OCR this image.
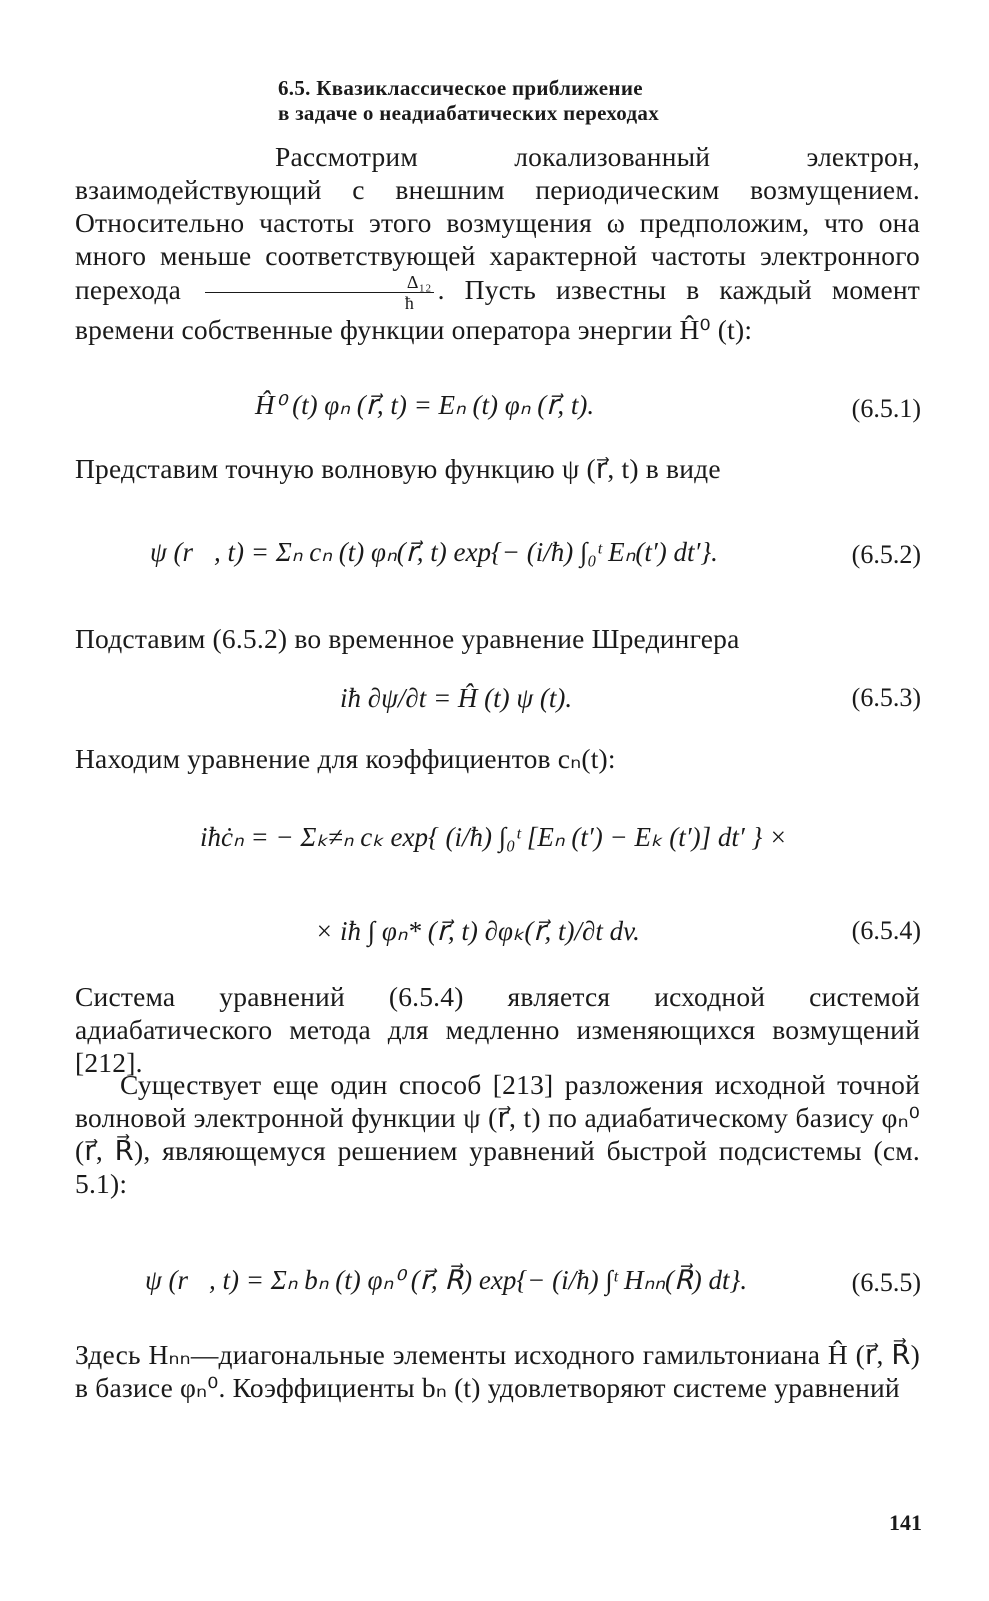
6.5. Квазиклассическое приближение
в задаче о неадиабатических переходах
Рассмотрим локализованный электрон, взаимодействующий с внешним периодическим возмущением. Относительно частоты этого возмущения ω предположим, что она много меньше соответствующей характерной частоты электронного перехода $\frac{\text{Δ₁₂}}{ħ}$ . Пусть известны в каждый момент времени собственные функции оператора энергии Ĥ⁰ (t):
Ĥ⁰ (t) φₙ (r⃗, t) = Eₙ (t) φₙ (r⃗, t).	(6.5.1)
Представим точную волновую функцию ψ (r⃗, t) в виде
ψ (r⃗, t) = Σₙ cₙ (t) φₙ(r⃗, t) exp{− (i/ħ) ∫₀ᵗ Eₙ(t′) dt′}.	(6.5.2)
Подставим (6.5.2) во временное уравнение Шредингера
iħ ∂ψ/∂t = Ĥ (t) ψ (t).	(6.5.3)
Находим уравнение для коэффициентов cₙ(t):
iħċₙ = − Σₖ≠ₙ cₖ exp{ (i/ħ) ∫₀ᵗ [Eₙ (t′) − Eₖ (t′)] dt′ } ×
× iħ ∫ φₙ* (r⃗, t) ∂φₖ(r⃗, t)/∂t dv.	(6.5.4)
Система уравнений (6.5.4) является исходной системой адиабатического метода для медленно изменяющихся возмущений [212].
Существует еще один способ [213] разложения исходной точной волновой электронной функции ψ (r⃗, t) по адиабатическому базису φₙ⁰ (r⃗, R⃗), являющемуся решением уравнений быстрой подсистемы (см. 5.1):
ψ (r⃗, t) = Σₙ bₙ (t) φₙ⁰ (r⃗, R⃗) exp{− (i/ħ) ∫ᵗ Hₙₙ(R⃗) dt}.	(6.5.5)
Здесь Hₙₙ—диагональные элементы исходного гамильтониана Ĥ (r⃗, R⃗) в базисе φₙ⁰. Коэффициенты bₙ (t) удовлетворяют системе уравнений
141
